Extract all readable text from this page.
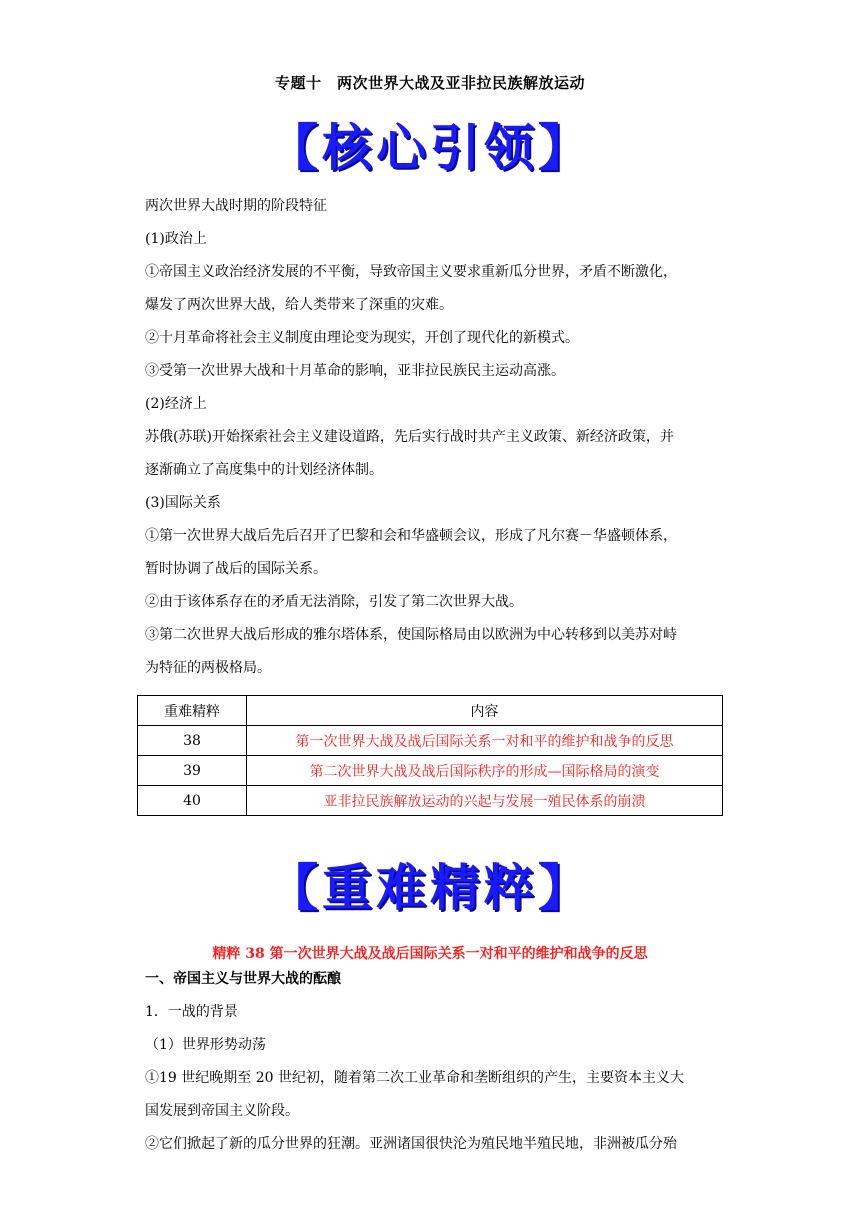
专题十　两次世界大战及亚非拉民族解放运动
【核心引领】

两次世界大战时期的阶段特征

(1)政治上

①帝国主义政治经济发展的不平衡，导致帝国主义要求重新瓜分世界，矛盾不断激化，

爆发了两次世界大战，给人类带来了深重的灾难。

②十月革命将社会主义制度由理论变为现实，开创了现代化的新模式。

③受第一次世界大战和十月革命的影响，亚非拉民族民主运动高涨。

(2)经济上

苏俄(苏联)开始探索社会主义建设道路，先后实行战时共产主义政策、新经济政策，并

逐渐确立了高度集中的计划经济体制。

(3)国际关系

①第一次世界大战后先后召开了巴黎和会和华盛顿会议，形成了凡尔赛－华盛顿体系，

暂时协调了战后的国际关系。

②由于该体系存在的矛盾无法消除，引发了第二次世界大战。

③第二次世界大战后形成的雅尔塔体系，使国际格局由以欧洲为中心转移到以美苏对峙

为特征的两极格局。

重难精粹	内容
38	第一次世界大战及战后国际关系一对和平的维护和战争的反思
39	第二次世界大战及战后国际秩序的形成—国际格局的演变
40	亚非拉民族解放运动的兴起与发展一殖民体系的崩溃
【重难精粹】
精粹 38 第一次世界大战及战后国际关系一对和平的维护和战争的反思

一、帝国主义与世界大战的酝酿

1．一战的背景

（1）世界形势动荡

①19 世纪晚期至 20 世纪初，随着第二次工业革命和垄断组织的产生，主要资本主义大

国发展到帝国主义阶段。

②它们掀起了新的瓜分世界的狂潮。亚洲诸国很快沦为殖民地半殖民地，非洲被瓜分殆
